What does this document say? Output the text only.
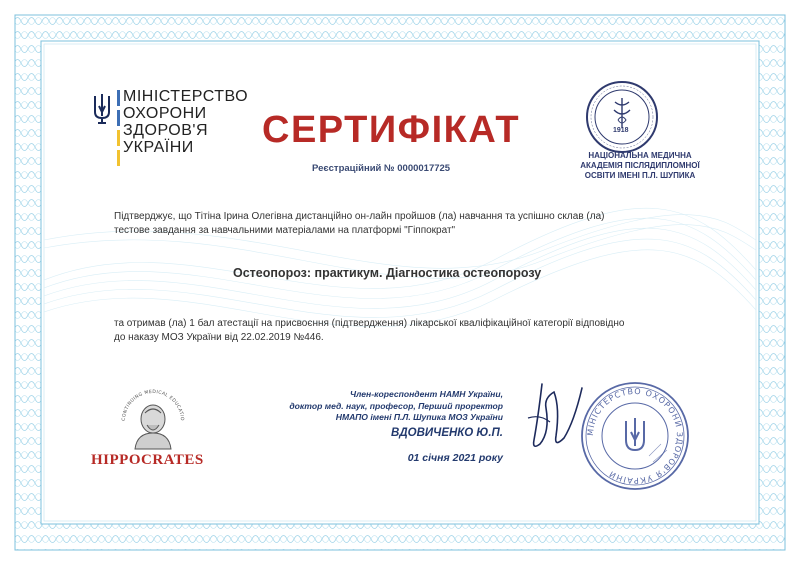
МІНІСТЕРСТВО
ОХОРОНИ
ЗДОРОВ'Я
УКРАЇНИ	СЕРТИФІКАТ
Реєстраційний № 0000017725
1918
НАЦІОНАЛЬНА МЕДИЧНА
АКАДЕМІЯ ПІСЛЯДИПЛОМНОЇ
ОСВІТИ ІМЕНІ П.Л. ШУПИКА
Підтверджує, що Тітіна Ірина Олегівна дистанційно он-лайн пройшов (ла) навчання та успішно склав (ла)
тестове завдання за навчальними матеріалами на платформі "Гіппократ"
Остеопороз: практикум. Діагностика остеопорозу
та отримав (ла) 1 бал атестації на присвоєння (підтвердження) лікарської кваліфікаційної категорії відповідно
до наказу МОЗ України від 22.02.2019 №446.
Член-кореспондент НАМН України,
доктор мед. наук, професор, Перший проректор
НМАПО імені П.Л. Шупика МОЗ України
ВДОВИЧЕНКО Ю.П.
01 січня 2021 року
МІНІСТЕРСТВО ОХОРОНИ ЗДОРОВ'Я УКРАЇНИ
CONTINUING MEDICAL EDUCATIO
HIPPOCRATES
